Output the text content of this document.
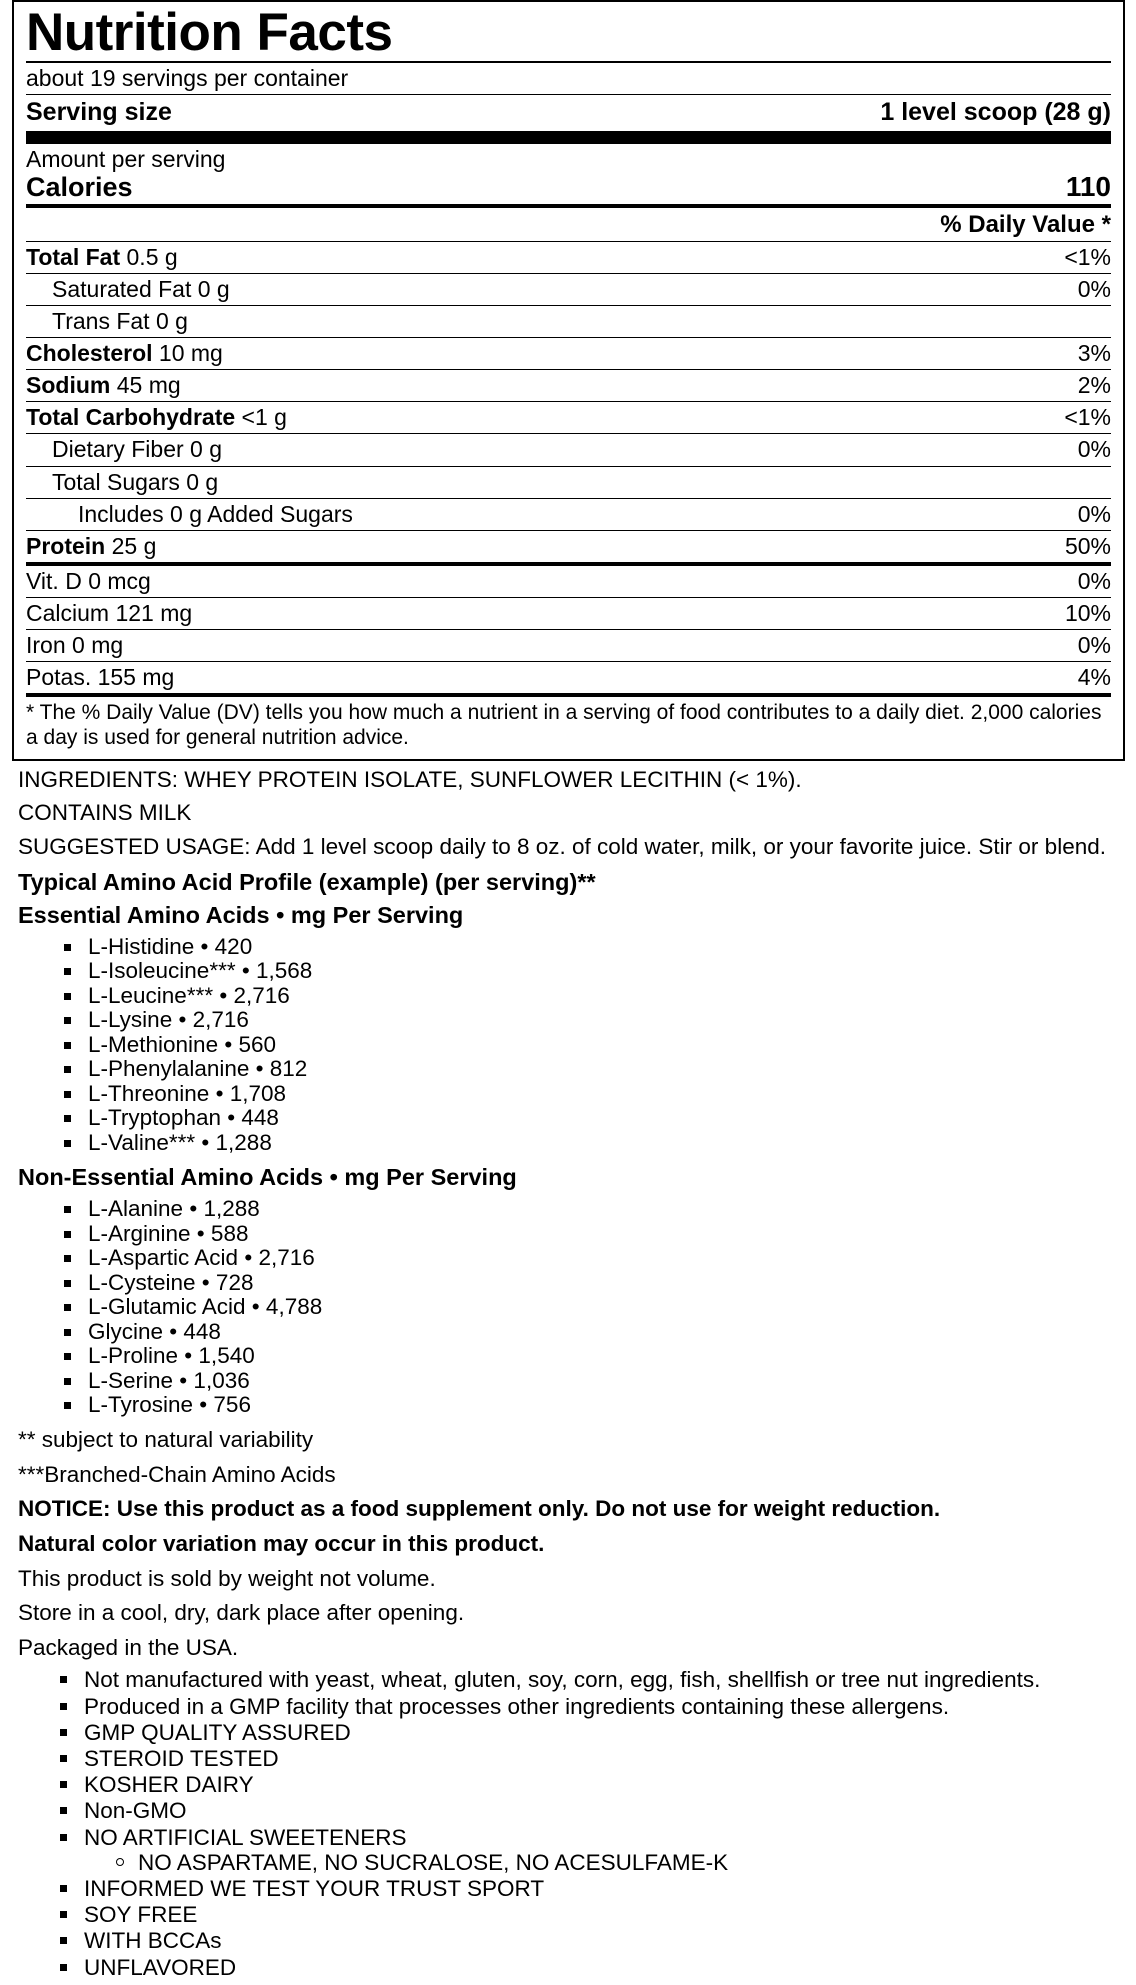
Nutrition Facts
about 19 servings per container
Serving size	1 level scoop (28 g)
Amount per serving
Calories	110
% Daily Value *
Total Fat 0.5 g	<1%
Saturated Fat 0 g	0%
Trans Fat 0 g
Cholesterol 10 mg	3%
Sodium 45 mg	2%
Total Carbohydrate <1 g	<1%
Dietary Fiber 0 g	0%
Total Sugars 0 g
Includes 0 g Added Sugars	0%
Protein 25 g	50%
Vit. D 0 mcg	0%
Calcium 121 mg	10%
Iron 0 mg	0%
Potas. 155 mg	4%
* The % Daily Value (DV) tells you how much a nutrient in a serving of food contributes to a daily diet. 2,000 calories a day is used for general nutrition advice.
INGREDIENTS: WHEY PROTEIN ISOLATE, SUNFLOWER LECITHIN (< 1%).
CONTAINS MILK
SUGGESTED USAGE: Add 1 level scoop daily to 8 oz. of cold water, milk, or your favorite juice. Stir or blend.
Typical Amino Acid Profile (example) (per serving)**
Essential Amino Acids • mg Per Serving
L-Histidine • 420
L-Isoleucine*** • 1,568
L-Leucine*** • 2,716
L-Lysine • 2,716
L-Methionine • 560
L-Phenylalanine • 812
L-Threonine • 1,708
L-Tryptophan • 448
L-Valine*** • 1,288
Non-Essential Amino Acids • mg Per Serving
L-Alanine • 1,288
L-Arginine • 588
L-Aspartic Acid • 2,716
L-Cysteine • 728
L-Glutamic Acid • 4,788
Glycine • 448
L-Proline • 1,540
L-Serine • 1,036
L-Tyrosine • 756
** subject to natural variability
***Branched-Chain Amino Acids
NOTICE: Use this product as a food supplement only. Do not use for weight reduction.
Natural color variation may occur in this product.
This product is sold by weight not volume.
Store in a cool, dry, dark place after opening.
Packaged in the USA.
Not manufactured with yeast, wheat, gluten, soy, corn, egg, fish, shellfish or tree nut ingredients.
Produced in a GMP facility that processes other ingredients containing these allergens.
GMP QUALITY ASSURED
STEROID TESTED
KOSHER DAIRY
Non-GMO
NO ARTIFICIAL SWEETENERS
NO ASPARTAME, NO SUCRALOSE, NO ACESULFAME-K
INFORMED WE TEST YOUR TRUST SPORT
SOY FREE
WITH BCCAs
UNFLAVORED
